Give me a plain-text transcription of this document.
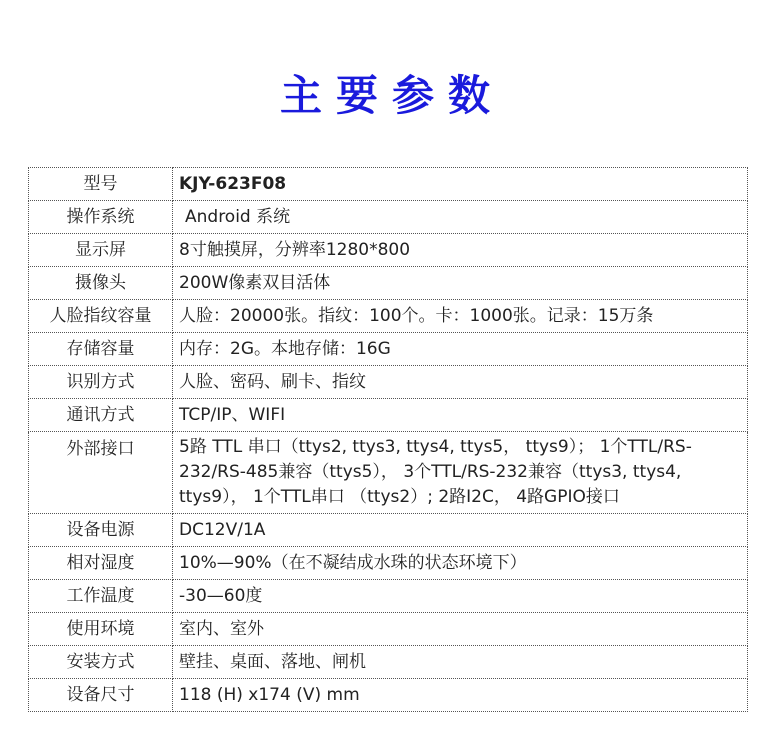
主要参数
型号	KJY-623F08
操作系统	Android 系统
显示屏	8寸触摸屏，分辨率1280*800
摄像头	200W像素双目活体
人脸指纹容量	人脸：20000张。指纹：100个。卡：1000张。记录：15万条
存储容量	内存：2G。本地存储：16G
识别方式	人脸、密码、刷卡、指纹
通讯方式	TCP/IP、WIFI
外部接口	5路 TTL 串口（ttys2, ttys3, ttys4, ttys5， ttys9）； 1个TTL/RS-232/RS-485兼容（ttys5）， 3个TTL/RS-232兼容（ttys3, ttys4, ttys9）， 1个TTL串口 （ttys2）; 2路I2C， 4路GPIO接口
设备电源	DC12V/1A
相对湿度	10%—90%（在不凝结成水珠的状态环境下）
工作温度	-30—60度
使用环境	室内、室外
安装方式	壁挂、桌面、落地、闸机
设备尺寸	118 (H) x174 (V) mm
